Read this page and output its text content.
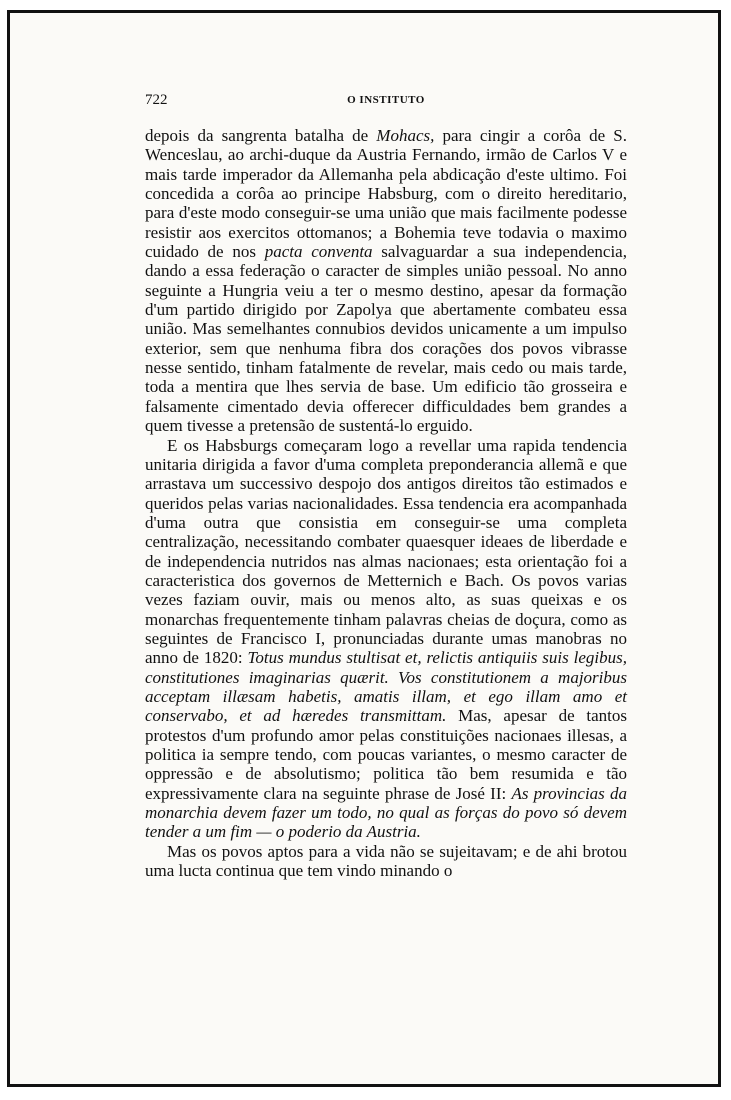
722	O INSTITUTO

depois da sangrenta batalha de Mohacs, para cingir a corôa de S. Wenceslau, ao archi-duque da Austria Fernando, irmão de Carlos V e mais tarde imperador da Allemanha pela abdicação d'este ultimo. Foi concedida a corôa ao principe Habsburg, com o direito hereditario, para d'este modo conseguir-se uma união que mais facilmente podesse resistir aos exercitos ottomanos; a Bohemia teve todavia o maximo cuidado de nos pacta conventa salvaguardar a sua independencia, dando a essa federação o caracter de simples união pessoal. No anno seguinte a Hungria veiu a ter o mesmo destino, apesar da formação d'um partido dirigido por Zapolya que abertamente combateu essa união. Mas semelhantes connubios devidos unicamente a um impulso exterior, sem que nenhuma fibra dos corações dos povos vibrasse nesse sentido, tinham fatalmente de revelar, mais cedo ou mais tarde, toda a mentira que lhes servia de base. Um edificio tão grosseira e falsamente cimentado devia offerecer difficuldades bem grandes a quem tivesse a pretensão de sustentá-lo erguido.

E os Habsburgs começaram logo a revellar uma rapida tendencia unitaria dirigida a favor d'uma completa preponderancia allemã e que arrastava um successivo despojo dos antigos direitos tão estimados e queridos pelas varias nacionalidades. Essa tendencia era acompanhada d'uma outra que consistia em conseguir-se uma completa centralização, necessitando combater quaesquer ideaes de liberdade e de independencia nutridos nas almas nacionaes; esta orientação foi a caracteristica dos governos de Metternich e Bach. Os povos varias vezes faziam ouvir, mais ou menos alto, as suas queixas e os monarchas frequentemente tinham palavras cheias de doçura, como as seguintes de Francisco I, pronunciadas durante umas manobras no anno de 1820: Totus mundus stultisat et, relictis antiquiis suis legibus, constitutiones imaginarias quærit. Vos constitutionem a majoribus acceptam illæsam habetis, amatis illam, et ego illam amo et conservabo, et ad hæredes transmittam. Mas, apesar de tantos protestos d'um profundo amor pelas constituições nacionaes illesas, a politica ia sempre tendo, com poucas variantes, o mesmo caracter de oppressão e de absolutismo; politica tão bem resumida e tão expressivamente clara na seguinte phrase de José II: As provincias da monarchia devem fazer um todo, no qual as forças do povo só devem tender a um fim — o poderio da Austria.

Mas os povos aptos para a vida não se sujeitavam; e de ahi brotou uma lucta continua que tem vindo minando o
